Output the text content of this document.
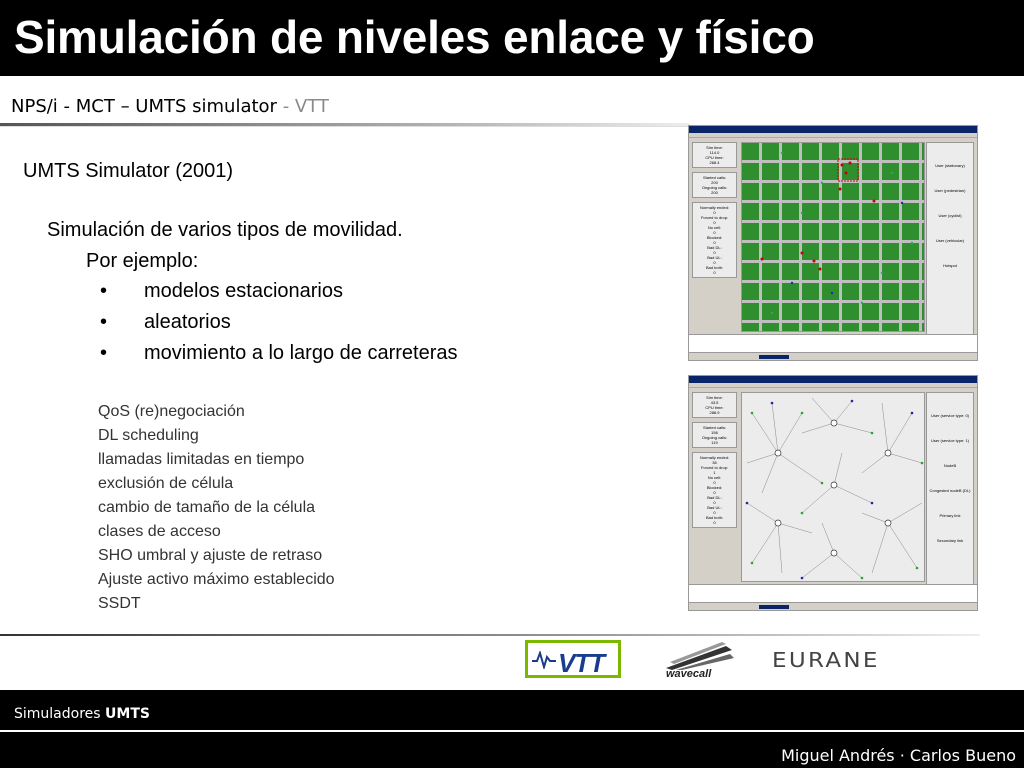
Simulación de niveles enlace y físico
NPS/i - MCT – UMTS simulator - VTT
UMTS Simulator (2001)
Simulación de varios tipos de movilidad.
Por ejemplo:
• modelos estacionarios
• aleatorios
• movimiento a lo largo de carreteras
QoS (re)negociación
DL scheduling
llamadas limitadas en tiempo
exclusión de célula
cambio de tamaño de la célula
clases de acceso
SHO umbral y ajuste de retraso
Ajuste activo máximo establecido
SSDT
Sim time:
114.0
CPU time:
268.4
Started calls:
200
Ongoing calls:
200
Normally ended:
0
Forced to drop:
0
No cell:
0
Blocked:
0
Bad DL:
0
Bad UL:
0
Bad both:
0
User (stationary)
User (pedestrian)
User (cyclist)
User (vehicular)
Hotspot
Sim time:
43.5
CPU time:
288.9
Started calls:
156
Ongoing calls:
119
Normally ended:
36
Forced to drop:
1
No cell:
0
Blocked:
0
Bad DL:
0
Bad UL:
0
Bad both:
0
User (service type: 0)
User (service type: 1)
NodeB
Congested nodeB (DL)
Primary link
Secondary link
VTT	wavecall
EURANE
Simuladores UMTS
Miguel Andrés · Carlos Bueno
